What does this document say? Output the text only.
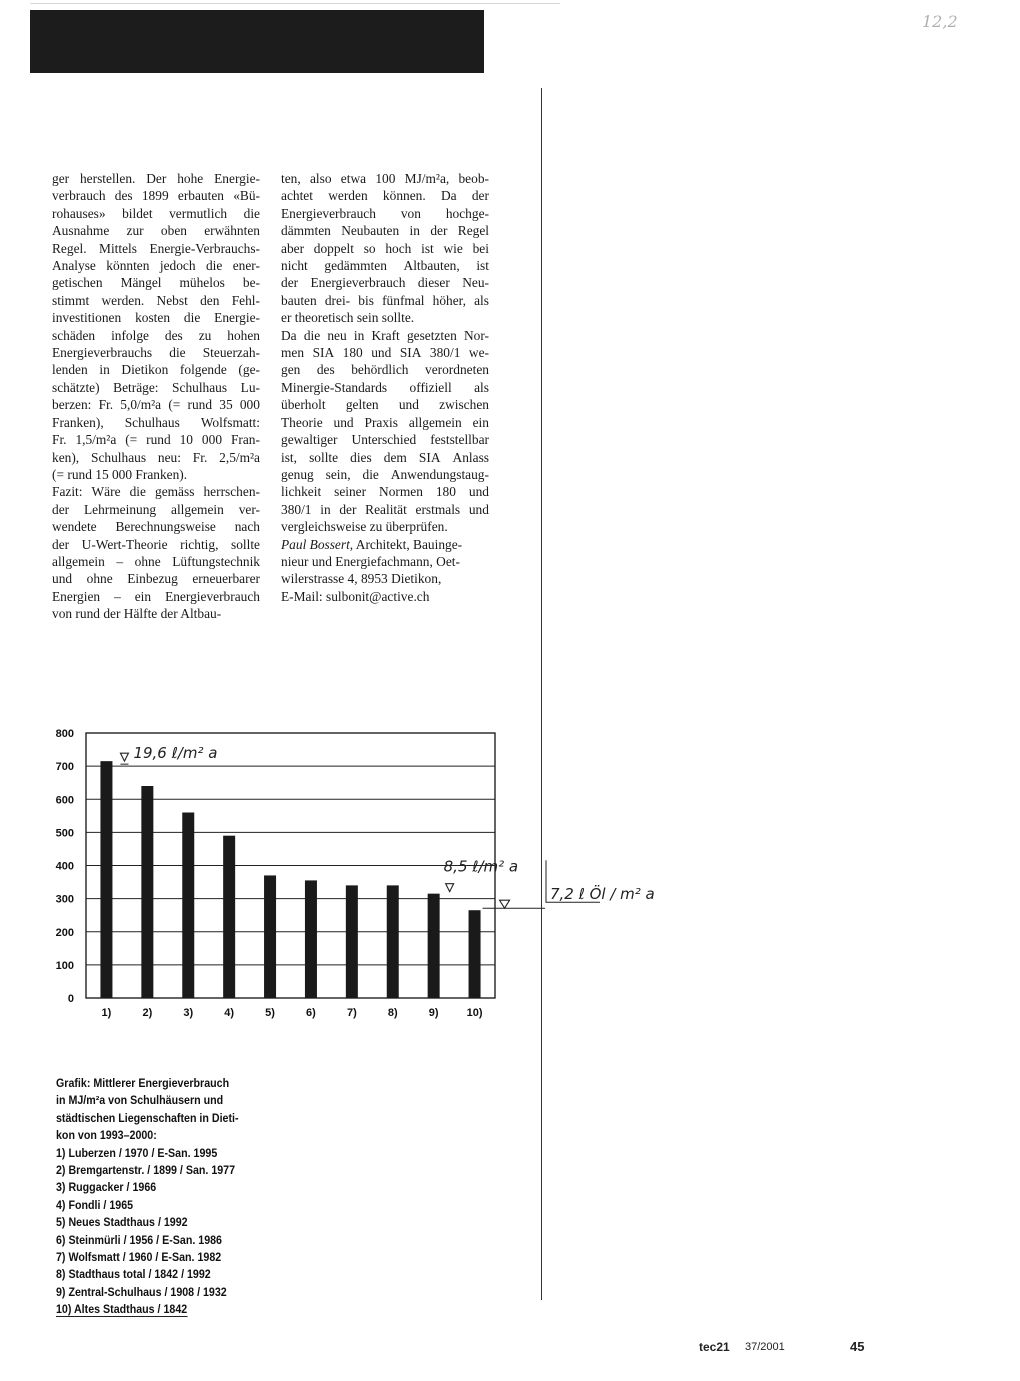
12,2

ger herstellen. Der hohe Energie-

verbrauch des 1899 erbauten «Bü-

rohauses» bildet vermutlich die

Ausnahme zur oben erwähnten

Regel. Mittels Energie-Verbrauchs-

Analyse könnten jedoch die ener-

getischen Mängel mühelos be-

stimmt werden. Nebst den Fehl-

investitionen kosten die Energie-

schäden infolge des zu hohen

Energieverbrauchs die Steuerzah-

lenden in Dietikon folgende (ge-

schätzte) Beträge: Schulhaus Lu-

berzen: Fr. 5,0/m²a (= rund 35 000

Franken), Schulhaus Wolfsmatt:

Fr. 1,5/m²a (= rund 10 000 Fran-

ken), Schulhaus neu: Fr. 2,5/m²a

(= rund 15 000 Franken).

Fazit: Wäre die gemäss herrschen-

der Lehrmeinung allgemein ver-

wendete Berechnungsweise nach

der U-Wert-Theorie richtig, sollte

allgemein – ohne Lüftungstechnik

und ohne Einbezug erneuerbarer

Energien – ein Energieverbrauch

von rund der Hälfte der Altbau-

ten, also etwa 100 MJ/m²a, beob-

achtet werden können. Da der

Energieverbrauch von hochge-

dämmten Neubauten in der Regel

aber doppelt so hoch ist wie bei

nicht gedämmten Altbauten, ist

der Energieverbrauch dieser Neu-

bauten drei- bis fünfmal höher, als

er theoretisch sein sollte.

Da die neu in Kraft gesetzten Nor-

men SIA 180 und SIA 380/1 we-

gen des behördlich verordneten

Minergie-Standards offiziell als

überholt gelten und zwischen

Theorie und Praxis allgemein ein

gewaltiger Unterschied feststellbar

ist, sollte dies dem SIA Anlass

genug sein, die Anwendungstaug-

lichkeit seiner Normen 180 und

380/1 in der Realität erstmals und

vergleichsweise zu überprüfen.

Paul Bossert, Architekt, Bauinge-

nieur und Energiefachmann, Oet-

wilerstrasse 4, 8953 Dietikon,

E-Mail: sulbonit@active.ch

0
100
200
300
400
500
600
700
800
1)	2)	3)	4)	5)	6)	7)	8)	9)	10)
19,6 ℓ/m² a
8,5 ℓ/m² a
7,2 ℓ Öl / m² a

Grafik: Mittlerer Energieverbrauch

in MJ/m²a von Schulhäusern und

städtischen Liegenschaften in Dieti-

kon von 1993–2000:

1) Luberzen / 1970 / E-San. 1995
2) Bremgartenstr. / 1899 / San. 1977
3) Ruggacker / 1966
4) Fondli / 1965
5) Neues Stadthaus / 1992
6) Steinmürli / 1956 / E-San. 1986
7) Wolfsmatt / 1960 / E-San. 1982
8) Stadthaus total / 1842 / 1992
9) Zentral-Schulhaus / 1908 / 1932
10) Altes Stadthaus / 1842
tec21 37/2001	45
